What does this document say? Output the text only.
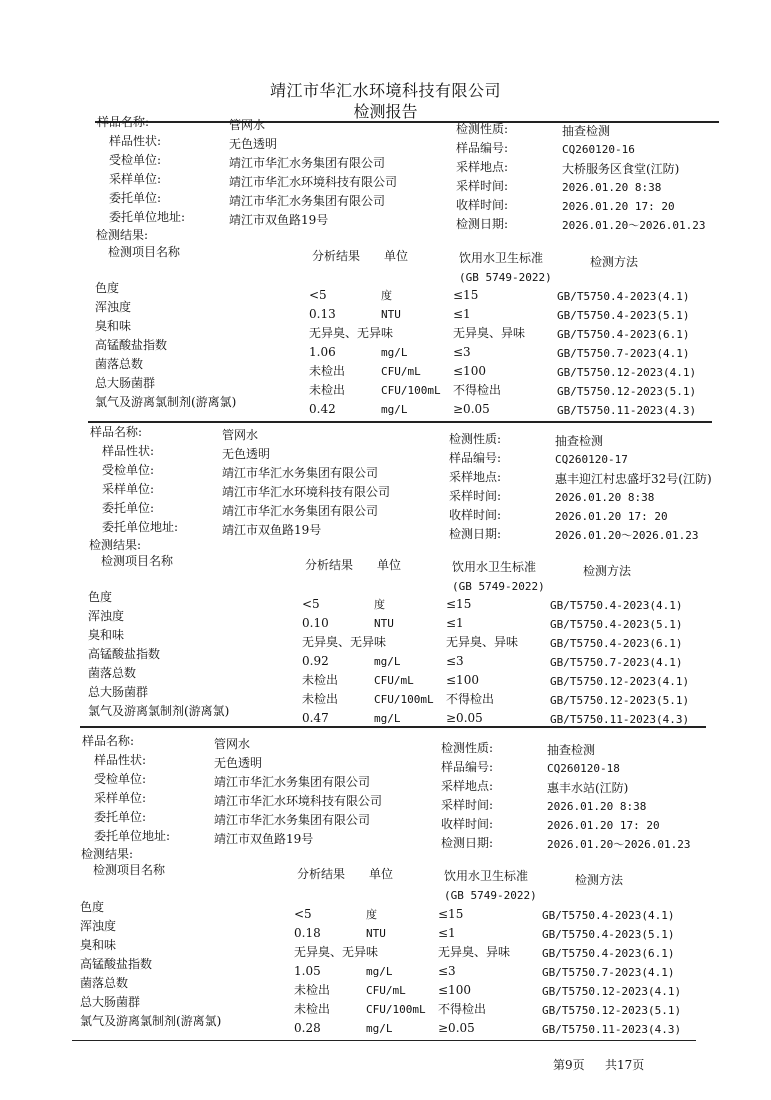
靖江市华汇水环境科技有限公司
检测报告
样品名称:	管网水
样品性状:	无色透明
受检单位:	靖江市华汇水务集团有限公司
采样单位:	靖江市华汇水环境科技有限公司
委托单位:	靖江市华汇水务集团有限公司
委托单位地址:	靖江市双鱼路19号
检测性质:	抽查检测
样品编号:	CQ260120-16
采样地点:	大桥服务区食堂(江防)
采样时间:	2026.01.20 8:38
收样时间:	2026.01.20 17: 20
检测日期:	2026.01.20～2026.01.23
检测结果:
检测项目名称	分析结果 单位	饮用水卫生标准
(GB 5749-2022)
检测方法
色度	<5	度	≤15	GB/T5750.4-2023(4.1)
浑浊度	0.13	NTU	≤1	GB/T5750.4-2023(5.1)
臭和味	无异臭、无异味	无异臭、异味	GB/T5750.4-2023(6.1)
高锰酸盐指数	1.06	mg/L	≤3	GB/T5750.7-2023(4.1)
菌落总数	未检出	CFU/mL	≤100	GB/T5750.12-2023(4.1)
总大肠菌群	未检出	CFU/100mL 不得检出	GB/T5750.12-2023(5.1)
氯气及游离氯制剂(游离氯)	0.42	mg/L	≥0.05	GB/T5750.11-2023(4.3)
样品名称:	管网水
样品性状:	无色透明
受检单位:	靖江市华汇水务集团有限公司
采样单位:	靖江市华汇水环境科技有限公司
委托单位:	靖江市华汇水务集团有限公司
委托单位地址:	靖江市双鱼路19号
检测性质:	抽查检测
样品编号:	CQ260120-17
采样地点:	惠丰迎江村忠盛圩32号(江防)
采样时间:	2026.01.20 8:38
收样时间:	2026.01.20 17: 20
检测日期:	2026.01.20～2026.01.23
检测结果:
检测项目名称	分析结果 单位	饮用水卫生标准
(GB 5749-2022)
检测方法
色度	<5	度	≤15	GB/T5750.4-2023(4.1)
浑浊度	0.10	NTU	≤1	GB/T5750.4-2023(5.1)
臭和味	无异臭、无异味	无异臭、异味	GB/T5750.4-2023(6.1)
高锰酸盐指数	0.92	mg/L	≤3	GB/T5750.7-2023(4.1)
菌落总数	未检出	CFU/mL	≤100	GB/T5750.12-2023(4.1)
总大肠菌群	未检出	CFU/100mL 不得检出	GB/T5750.12-2023(5.1)
氯气及游离氯制剂(游离氯)	0.47	mg/L	≥0.05	GB/T5750.11-2023(4.3)
样品名称:	管网水
样品性状:	无色透明
受检单位:	靖江市华汇水务集团有限公司
采样单位:	靖江市华汇水环境科技有限公司
委托单位:	靖江市华汇水务集团有限公司
委托单位地址:	靖江市双鱼路19号
检测性质:	抽查检测
样品编号:	CQ260120-18
采样地点:	惠丰水站(江防)
采样时间:	2026.01.20 8:38
收样时间:	2026.01.20 17: 20
检测日期:	2026.01.20～2026.01.23
检测结果:
检测项目名称	分析结果 单位	饮用水卫生标准
(GB 5749-2022)
检测方法
色度	<5	度	≤15	GB/T5750.4-2023(4.1)
浑浊度	0.18	NTU	≤1	GB/T5750.4-2023(5.1)
臭和味	无异臭、无异味	无异臭、异味	GB/T5750.4-2023(6.1)
高锰酸盐指数	1.05	mg/L	≤3	GB/T5750.7-2023(4.1)
菌落总数	未检出	CFU/mL	≤100	GB/T5750.12-2023(4.1)
总大肠菌群	未检出	CFU/100mL 不得检出	GB/T5750.12-2023(5.1)
氯气及游离氯制剂(游离氯)	0.28	mg/L	≥0.05	GB/T5750.11-2023(4.3)
第9页 共17页
